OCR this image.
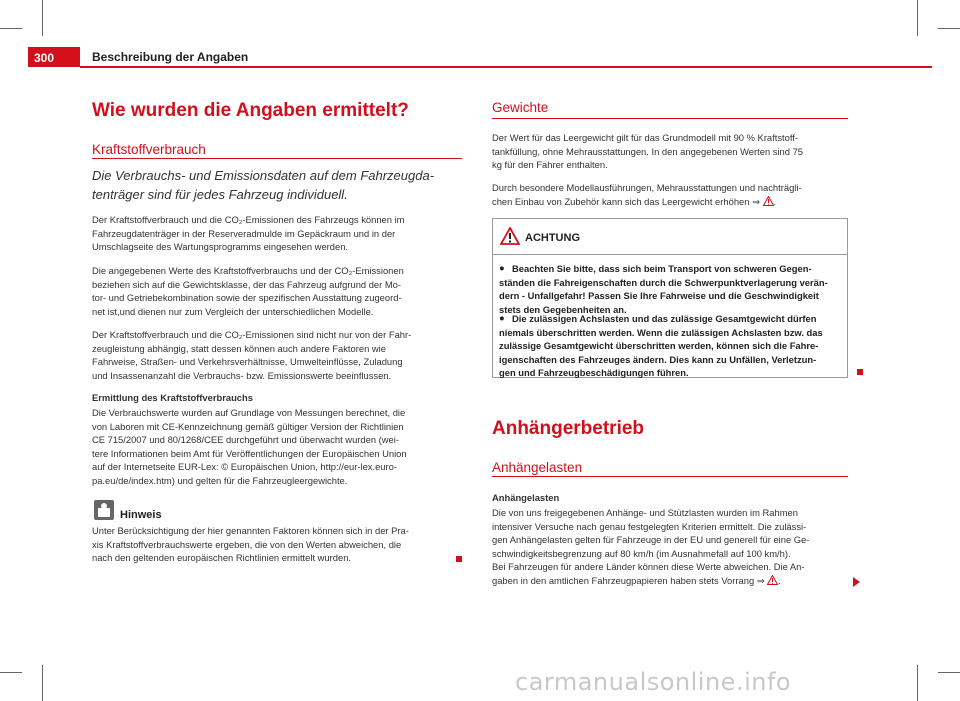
300	Beschreibung der Angaben
Wie wurden die Angaben ermittelt?
Kraftstoffverbrauch
Die Verbrauchs- und Emissionsdaten auf dem Fahrzeugda-
tenträger sind für jedes Fahrzeug individuell.
Der Kraftstoffverbrauch und die CO₂-Emissionen des Fahrzeugs können im
Fahrzeugdatenträger in der Reserveradmulde im Gepäckraum und in der
Umschlagseite des Wartungsprogramms eingesehen werden.
Die angegebenen Werte des Kraftstoffverbrauchs und der CO₂-Emissionen
beziehen sich auf die Gewichtsklasse, der das Fahrzeug aufgrund der Mo-
tor- und Getriebekombination sowie der spezifischen Ausstattung zugeord-
net ist,und dienen nur zum Vergleich der unterschiedlichen Modelle.
Der Kraftstoffverbrauch und die CO₂-Emissionen sind nicht nur von der Fahr-
zeugleistung abhängig, statt dessen können auch andere Faktoren wie
Fahrweise, Straßen- und Verkehrsverhältnisse, Umwelteinflüsse, Zuladung
und Insassenanzahl die Verbrauchs- bzw. Emissionswerte beeinflussen.
Ermittlung des Kraftstoffverbrauchs
Die Verbrauchswerte wurden auf Grundlage von Messungen berechnet, die
von Laboren mit CE-Kennzeichnung gemäß gültiger Version der Richtlinien
CE 715/2007 und 80/1268/CEE durchgeführt und überwacht wurden (wei-
tere Informationen beim Amt für Veröffentlichungen der Europäischen Union
auf der Internetseite EUR-Lex: © Europäischen Union, http://eur-lex.euro-
pa.eu/de/index.htm) und gelten für die Fahrzeugleergewichte.
Hinweis
Unter Berücksichtigung der hier genannten Faktoren können sich in der Pra-
xis Kraftstoffverbrauchswerte ergeben, die von den Werten abweichen, die
nach den geltenden europäischen Richtlinien ermittelt wurden.
Gewichte
Der Wert für das Leergewicht gilt für das Grundmodell mit 90 % Kraftstoff-
tankfüllung, ohne Mehrausstattungen. In den angegebenen Werten sind 75
kg für den Fahrer enthalten.
Durch besondere Modellausführungen, Mehrausstattungen und nachträgli-
chen Einbau von Zubehör kann sich das Leergewicht erhöhen ⇒ .
ACHTUNG
● Beachten Sie bitte, dass sich beim Transport von schweren Gegen-
ständen die Fahreigenschaften durch die Schwerpunktverlagerung verän-
dern - Unfallgefahr! Passen Sie Ihre Fahrweise und die Geschwindigkeit
stets den Gegebenheiten an.
● Die zulässigen Achslasten und das zulässige Gesamtgewicht dürfen
niemals überschritten werden. Wenn die zulässigen Achslasten bzw. das
zulässige Gesamtgewicht überschritten werden, können sich die Fahre-
igenschaften des Fahrzeuges ändern. Dies kann zu Unfällen, Verletzun-
gen und Fahrzeugbeschädigungen führen.
Anhängerbetrieb
Anhängelasten
Anhängelasten
Die von uns freigegebenen Anhänge- und Stützlasten wurden im Rahmen
intensiver Versuche nach genau festgelegten Kriterien ermittelt. Die zulässi-
gen Anhängelasten gelten für Fahrzeuge in der EU und generell für eine Ge-
schwindigkeitsbegrenzung auf 80 km/h (im Ausnahmefall auf 100 km/h).
Bei Fahrzeugen für andere Länder können diese Werte abweichen. Die An-
gaben in den amtlichen Fahrzeugpapieren haben stets Vorrang ⇒ .
carmanualsonline.info
